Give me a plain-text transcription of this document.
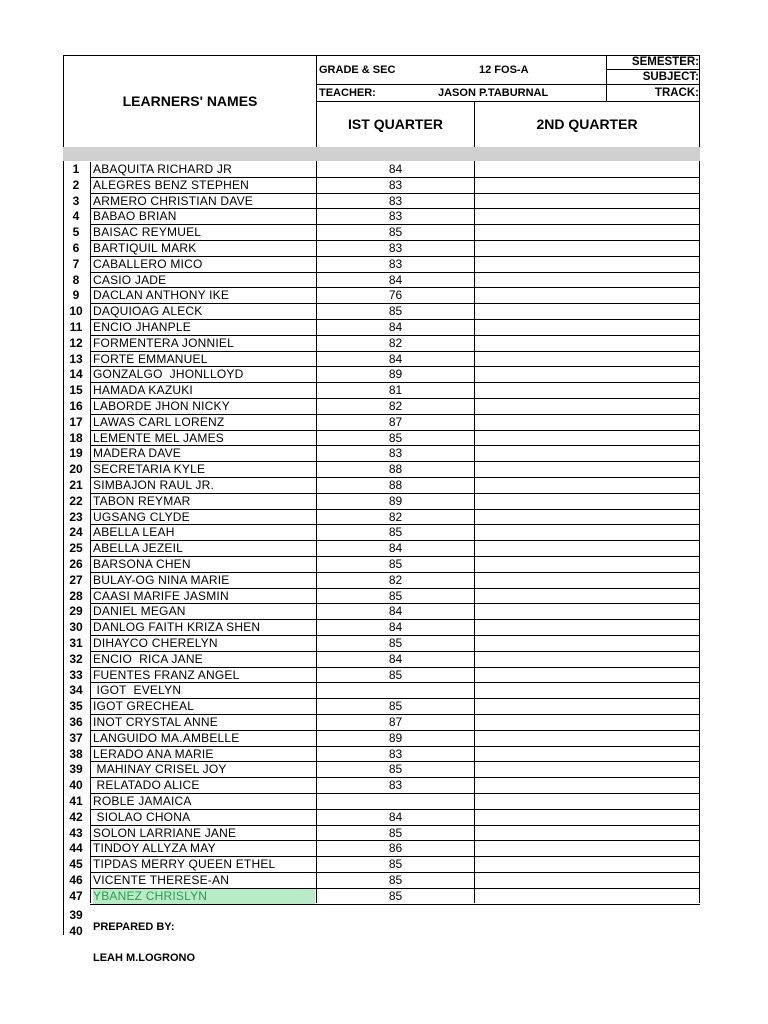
LEARNERS' NAMES
GRADE & SEC	12 FOS-A
TEACHER:	JASON P.TABURNAL
SEMESTER:
SUBJECT:
TRACK:
IST QUARTER	2ND QUARTER
1	ABAQUITA RICHARD JR	84
2	ALEGRES BENZ STEPHEN	83
3	ARMERO CHRISTIAN DAVE	83
4	BABAO BRIAN	83
5	BAISAC REYMUEL	85
6	BARTIQUIL MARK	83
7	CABALLERO MICO	83
8	CASIO JADE	84
9	DACLAN ANTHONY IKE	76
10 DAQUIOAG ALECK	85
11 ENCIO JHANPLE	84
12 FORMENTERA JONNIEL	82
13 FORTE EMMANUEL	84
14 GONZALGO  JHONLLOYD	89
15 HAMADA KAZUKI	81
16 LABORDE JHON NICKY	82
17 LAWAS CARL LORENZ	87
18 LEMENTE MEL JAMES	85
19 MADERA DAVE	83
20 SECRETARIA KYLE	88
21 SIMBAJON RAUL JR.	88
22 TABON REYMAR	89
23 UGSANG CLYDE	82
24 ABELLA LEAH	85
25 ABELLA JEZEIL	84
26 BARSONA CHEN	85
27 BULAY-OG NINA MARIE	82
28 CAASI MARIFE JASMIN	85
29 DANIEL MEGAN	84
30 DANLOG FAITH KRIZA SHEN	84
31 DIHAYCO CHERELYN	85
32 ENCIO  RICA JANE	84
33 FUENTES FRANZ ANGEL	85
34 IGOT  EVELYN
35 IGOT GRECHEAL	85
36 INOT CRYSTAL ANNE	87
37 LANGUIDO MA.AMBELLE	89
38 LERADO ANA MARIE	83
39 MAHINAY CRISEL JOY	85
40 RELATADO ALICE	83
41 ROBLE JAMAICA
42 SIOLAO CHONA	84
43 SOLON LARRIANE JANE	85
44 TINDOY ALLYZA MAY	86
45 TIPDAS MERRY QUEEN ETHEL	85
46 VICENTE THERESE-AN	85
47 YBANEZ CHRISLYN	85
39
40 PREPARED BY:
LEAH M.LOGRONO
